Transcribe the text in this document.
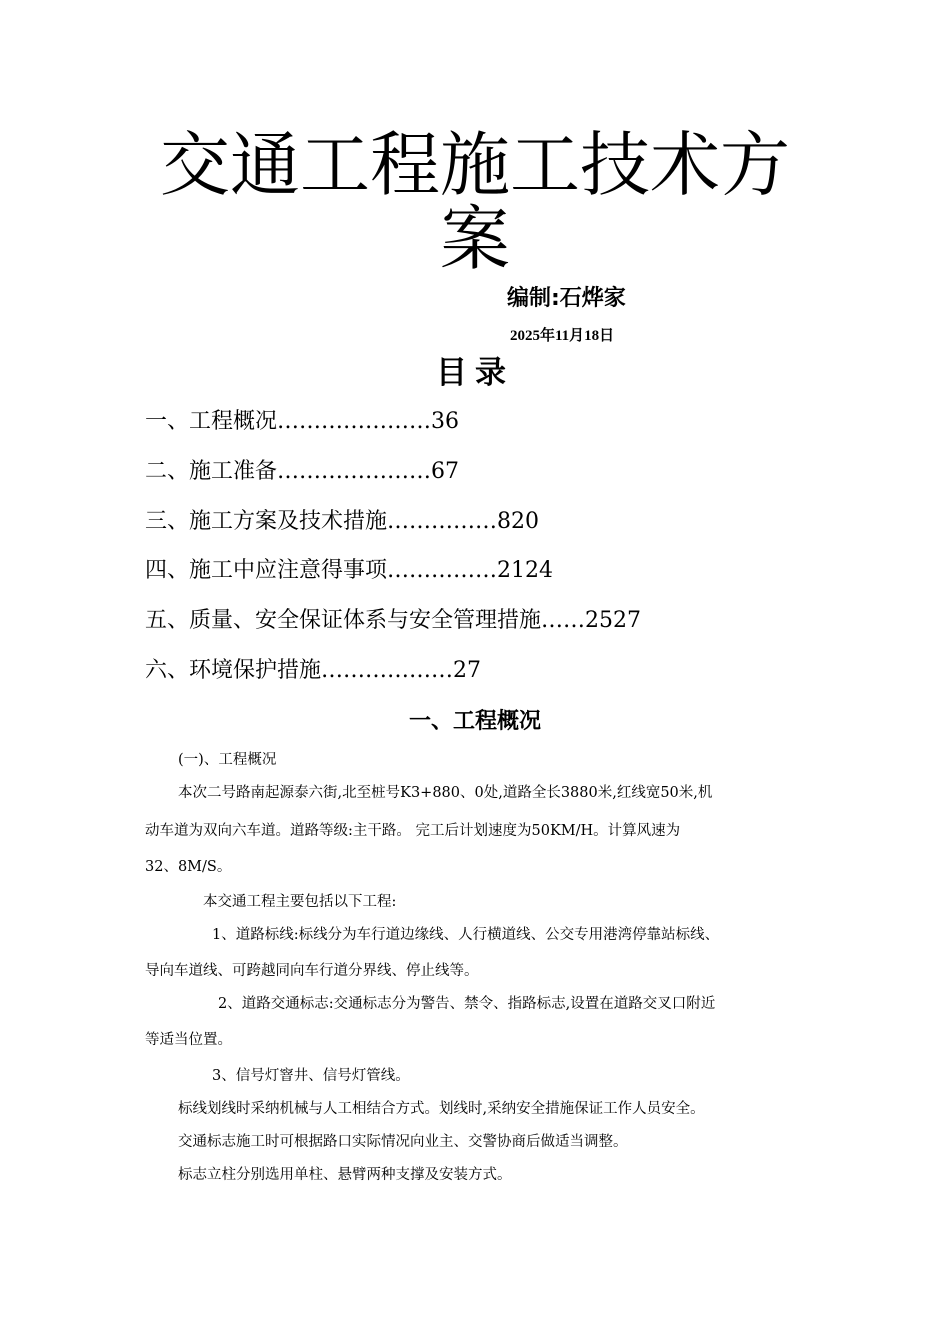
交通工程施工技术方
案
编制:石烨家
2025年11月18日
目录
一、工程概况…………………36
二、施工准备…………………67
三、施工方案及技术措施……………820
四、施工中应注意得事项……………2124
五、质量、安全保证体系与安全管理措施……2527
六、环境保护措施………………27
一、工程概况

(一)、工程概况

本次二号路南起源泰六街,北至桩号K3+880、0处,道路全长3880米,红线宽50米,机

动车道为双向六车道。道路等级:主干路。 完工后计划速度为50KM/H。计算风速为

32、8M/S。

本交通工程主要包括以下工程:

1、道路标线:标线分为车行道边缘线、人行横道线、公交专用港湾停靠站标线、

导向车道线、可跨越同向车行道分界线、停止线等。

2、道路交通标志:交通标志分为警告、禁令、指路标志,设置在道路交叉口附近

等适当位置。

3、信号灯窨井、信号灯管线。

标线划线时采纳机械与人工相结合方式。划线时,采纳安全措施保证工作人员安全。

交通标志施工时可根据路口实际情况向业主、交警协商后做适当调整。

标志立柱分别选用单柱、悬臂两种支撑及安装方式。
